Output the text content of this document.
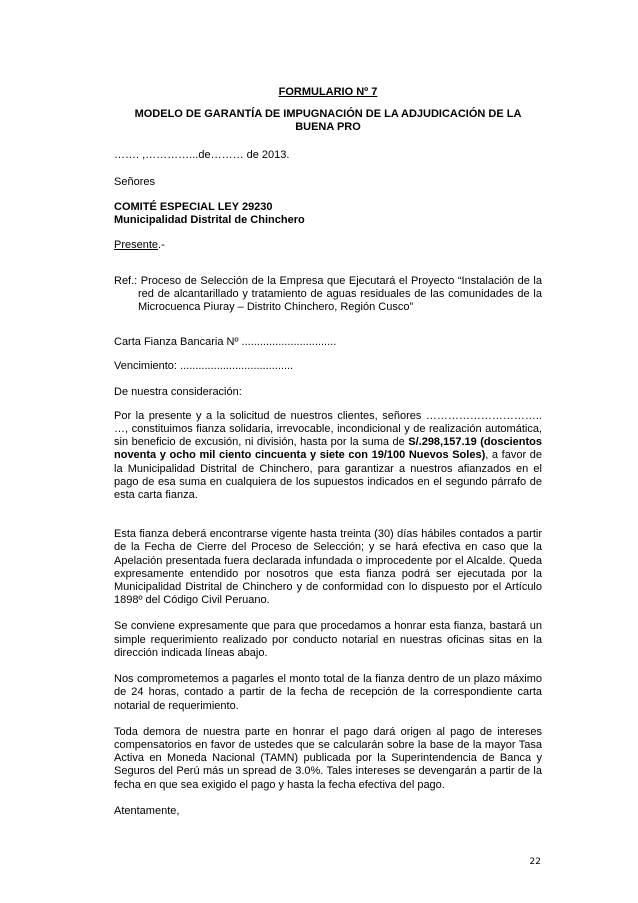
FORMULARIO Nº 7

MODELO DE GARANTÍA DE IMPUGNACIÓN DE LA ADJUDICACIÓN DE LA BUENA PRO

……. ,…………...de……… de 2013.

Señores

COMITÉ ESPECIAL LEY 29230
Municipalidad Distrital de Chinchero

Presente.-

Ref.: Proceso de Selección de la Empresa que Ejecutará el Proyecto “Instalación de la red de alcantarillado y tratamiento de aguas residuales de las comunidades de la Microcuenca Piuray – Distrito Chinchero, Región Cusco”

Carta Fianza Bancaria Nº ...............................

Vencimiento: .....................................

De nuestra consideración:

Por la presente y a la solicitud de nuestros clientes, señores ………………………….. …, constituimos fianza solidaria, irrevocable, incondicional y de realización automática, sin beneficio de excusión, ni división, hasta por la suma de S/.298,157.19 (doscientos noventa y ocho mil ciento cincuenta y siete con 19/100 Nuevos Soles), a favor de la Municipalidad Distrital de Chinchero, para garantizar a nuestros afianzados en el pago de esa suma en cualquiera de los supuestos indicados en el segundo párrafo de esta carta fianza.

Esta fianza deberá encontrarse vigente hasta treinta (30) días hábiles contados a partir de la Fecha de Cierre del Proceso de Selección; y se hará efectiva en caso que la Apelación presentada fuera declarada infundada o improcedente por el Alcalde. Queda expresamente entendido por nosotros que esta fianza podrá ser ejecutada por la Municipalidad Distrital de Chinchero y de conformidad con lo dispuesto por el Artículo 1898º del Código Civil Peruano.

Se conviene expresamente que para que procedamos a honrar esta fianza, bastará un simple requerimiento realizado por conducto notarial en nuestras oficinas sitas en la dirección indicada líneas abajo.

Nos comprometemos a pagarles el monto total de la fianza dentro de un plazo máximo de 24 horas, contado a partir de la fecha de recepción de la correspondiente carta notarial de requerimiento.

Toda demora de nuestra parte en honrar el pago dará origen al pago de intereses compensatorios en favor de ustedes que se calcularán sobre la base de la mayor Tasa Activa en Moneda Nacional (TAMN) publicada por la Superintendencia de Banca y Seguros del Perú más un spread de 3.0%. Tales intereses se devengarán a partir de la fecha en que sea exigido el pago y hasta la fecha efectiva del pago.

Atentamente,

22
